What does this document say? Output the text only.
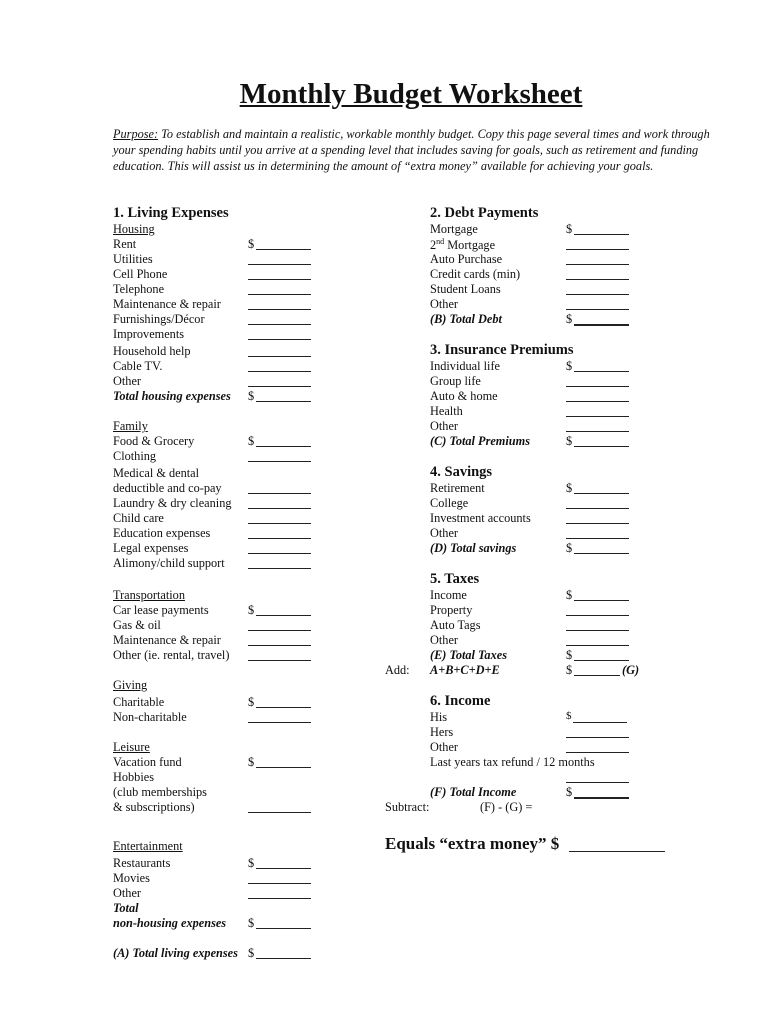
Monthly Budget Worksheet
Purpose: To establish and maintain a realistic, workable monthly budget. Copy this page several times and work through your spending habits until you arrive at a spending level that includes saving for goals, such as retirement and funding education. This will assist us in determining the amount of “extra money” available for achieving your goals.
1. Living Expenses
Housing
Rent
Utilities
Cell Phone
Telephone
Maintenance & repair
Furnishings/Décor
Improvements
Household help
Cable TV.
Other
Total housing expenses
Family
Food & Grocery
Clothing
Medical & dental
deductible and co-pay
Laundry & dry cleaning
Child care
Education expenses
Legal expenses
Alimony/child support
Transportation
Car lease payments
Gas & oil
Maintenance & repair
Other (ie. rental, travel)
Giving
Charitable
Non-charitable
Leisure
Vacation fund
Hobbies
(club memberships
& subscriptions)
Entertainment
Restaurants
Movies
Other
Total
non-housing expenses
(A) Total living expenses
$
$
$
$
$
$
$
$
$
2. Debt Payments
Mortgage
2nd Mortgage
Auto Purchase
Credit cards (min)
Student Loans
Other
(B) Total Debt
3. Insurance Premiums
Individual life
Group life
Auto & home
Health
Other
(C) Total Premiums
4. Savings
Retirement
College
Investment accounts
Other
(D) Total savings
5. Taxes
Income
Property
Auto Tags
Other
(E) Total Taxes
Add: A+B+C+D+E
6. Income
His
Hers
Other
Last years tax refund / 12 months
(F) Total Income
Subtract:	(F) - (G) =
Equals “extra money” $
$
$
$
$
$
$
$
$
$	(G)
$
$
